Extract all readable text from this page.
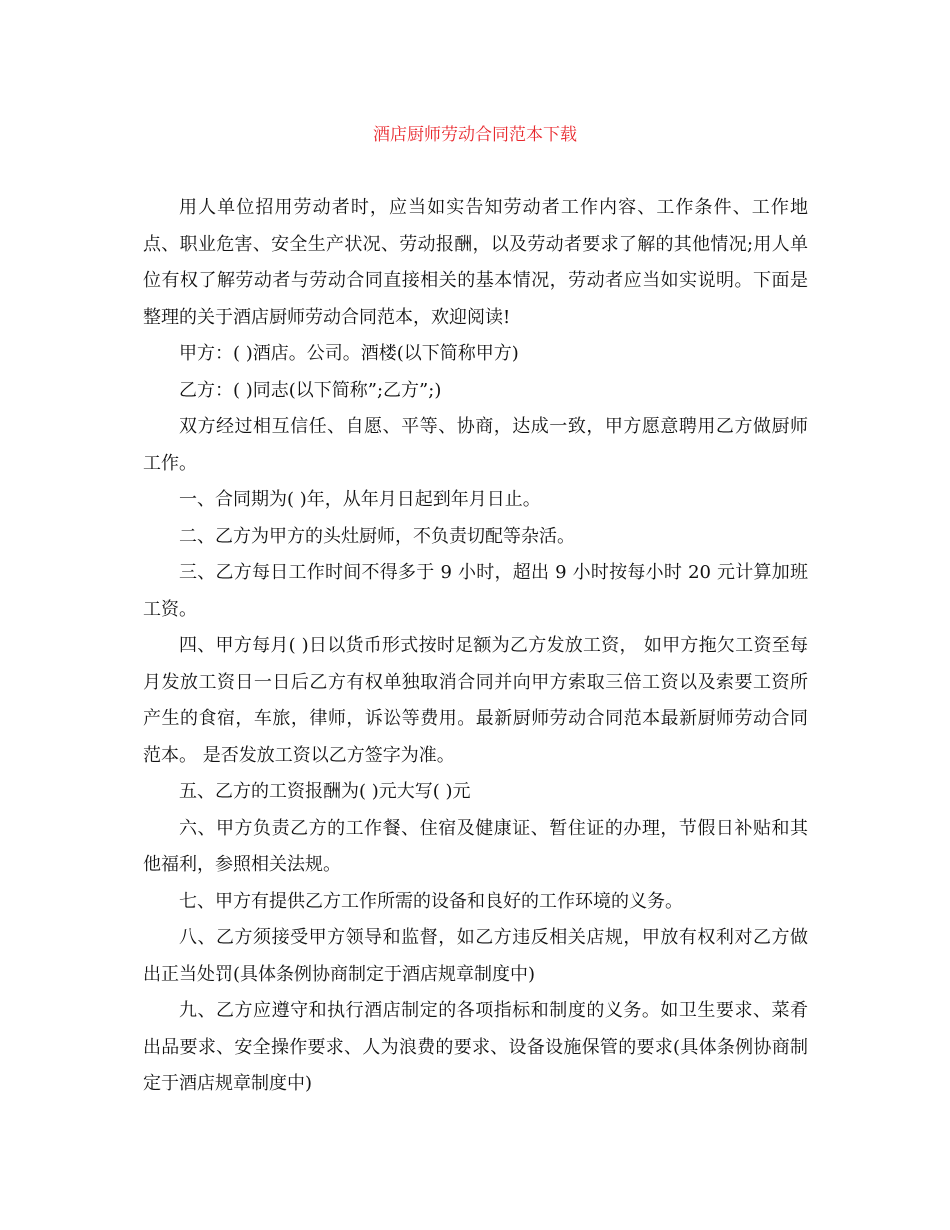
酒店厨师劳动合同范本下载

用人单位招用劳动者时，应当如实告知劳动者工作内容、工作条件、工作地点、职业危害、安全生产状况、劳动报酬，以及劳动者要求了解的其他情况;用人单位有权了解劳动者与劳动合同直接相关的基本情况，劳动者应当如实说明。下面是整理的关于酒店厨师劳动合同范本，欢迎阅读!

甲方：( )酒店。公司。酒楼(以下简称甲方)

乙方：( )同志(以下简称”;乙方”;)

双方经过相互信任、自愿、平等、协商，达成一致，甲方愿意聘用乙方做厨师工作。

一、合同期为( )年，从年月日起到年月日止。

二、乙方为甲方的头灶厨师，不负责切配等杂活。

三、乙方每日工作时间不得多于 9 小时，超出 9 小时按每小时 20 元计算加班工资。

四、甲方每月( )日以货币形式按时足额为乙方发放工资， 如甲方拖欠工资至每月发放工资日一日后乙方有权单独取消合同并向甲方索取三倍工资以及索要工资所产生的食宿，车旅，律师，诉讼等费用。最新厨师劳动合同范本最新厨师劳动合同范本。 是否发放工资以乙方签字为准。

五、乙方的工资报酬为( )元大写( )元

六、甲方负责乙方的工作餐、住宿及健康证、暂住证的办理，节假日补贴和其他福利，参照相关法规。

七、甲方有提供乙方工作所需的设备和良好的工作环境的义务。

八、乙方须接受甲方领导和监督，如乙方违反相关店规，甲放有权利对乙方做出正当处罚(具体条例协商制定于酒店规章制度中)

九、乙方应遵守和执行酒店制定的各项指标和制度的义务。如卫生要求、菜肴出品要求、安全操作要求、人为浪费的要求、设备设施保管的要求(具体条例协商制定于酒店规章制度中)
